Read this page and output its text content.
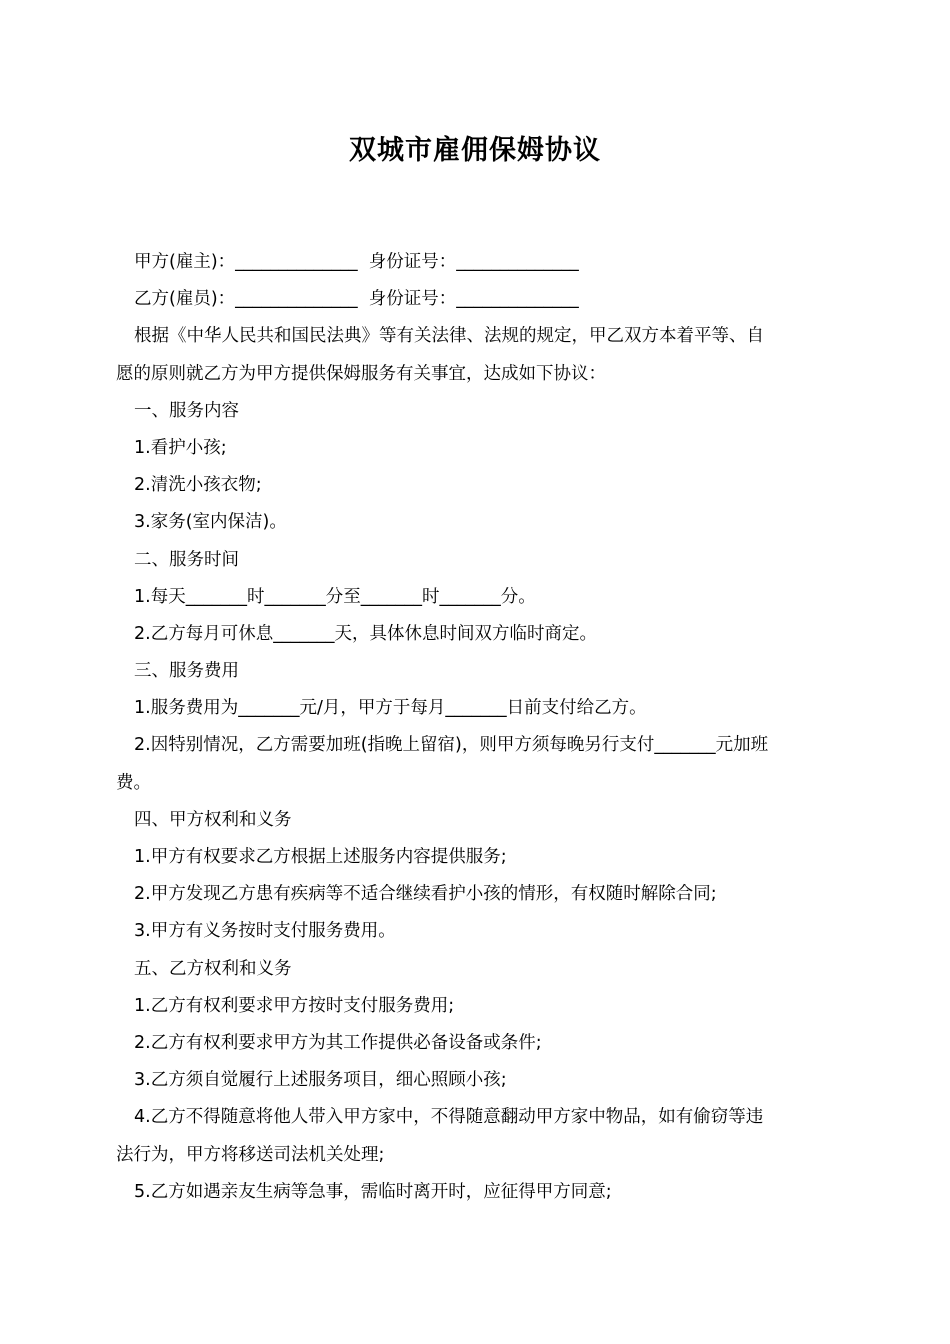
双城市雇佣保姆协议

甲方(雇主)：______________  身份证号：______________

乙方(雇员)：______________  身份证号：______________

根据《中华人民共和国民法典》等有关法律、法规的规定，甲乙双方本着平等、自

愿的原则就乙方为甲方提供保姆服务有关事宜，达成如下协议：

一、服务内容

1.看护小孩;

2.清洗小孩衣物;

3.家务(室内保洁)。

二、服务时间

1.每天_______时_______分至_______时_______分。

2.乙方每月可休息_______天，具体休息时间双方临时商定。

三、服务费用

1.服务费用为_______元/月，甲方于每月_______日前支付给乙方。

2.因特别情况，乙方需要加班(指晚上留宿)，则甲方须每晚另行支付_______元加班

费。

四、甲方权利和义务

1.甲方有权要求乙方根据上述服务内容提供服务;

2.甲方发现乙方患有疾病等不适合继续看护小孩的情形，有权随时解除合同;

3.甲方有义务按时支付服务费用。

五、乙方权利和义务

1.乙方有权利要求甲方按时支付服务费用;

2.乙方有权利要求甲方为其工作提供必备设备或条件;

3.乙方须自觉履行上述服务项目，细心照顾小孩;

4.乙方不得随意将他人带入甲方家中，不得随意翻动甲方家中物品，如有偷窃等违

法行为，甲方将移送司法机关处理;

5.乙方如遇亲友生病等急事，需临时离开时，应征得甲方同意;
